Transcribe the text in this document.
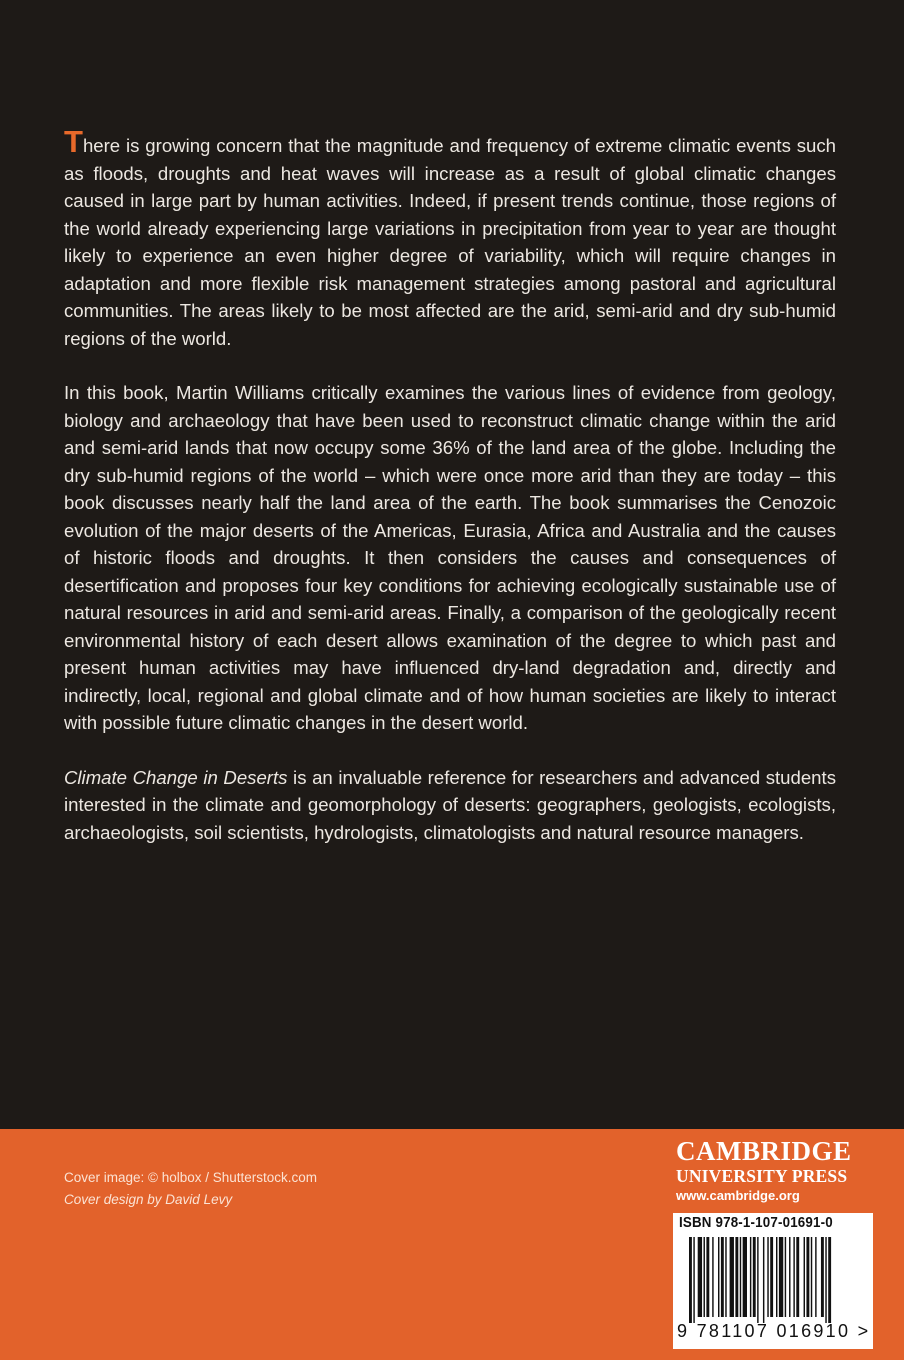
There is growing concern that the magnitude and frequency of extreme climatic events such as floods, droughts and heat waves will increase as a result of global climatic changes caused in large part by human activities. Indeed, if present trends continue, those regions of the world already experiencing large variations in precipitation from year to year are thought likely to experience an even higher degree of variability, which will require changes in adaptation and more flexible risk management strategies among pastoral and agricultural communities. The areas likely to be most affected are the arid, semi-arid and dry sub-humid regions of the world.

In this book, Martin Williams critically examines the various lines of evidence from geology, biology and archaeology that have been used to reconstruct climatic change within the arid and semi-arid lands that now occupy some 36% of the land area of the globe. Including the dry sub-humid regions of the world – which were once more arid than they are today – this book discusses nearly half the land area of the earth. The book summarises the Cenozoic evolution of the major deserts of the Americas, Eurasia, Africa and Australia and the causes of historic floods and droughts. It then considers the causes and consequences of desertification and proposes four key conditions for achieving ecologically sustainable use of natural resources in arid and semi-arid areas. Finally, a comparison of the geologically recent environmental history of each desert allows examination of the degree to which past and present human activities may have influenced dry-land degradation and, directly and indirectly, local, regional and global climate and of how human societies are likely to interact with possible future climatic changes in the desert world.

Climate Change in Deserts is an invaluable reference for researchers and advanced students interested in the climate and geomorphology of deserts: geographers, geologists, ecologists, archaeologists, soil scientists, hydrologists, climatologists and natural resource managers.

Cover image: © holbox / Shutterstock.com
Cover design by David Levy
CAMBRIDGE
UNIVERSITY PRESS
www.cambridge.org
ISBN 978-1-107-01691-0
9 781107 016910 >
